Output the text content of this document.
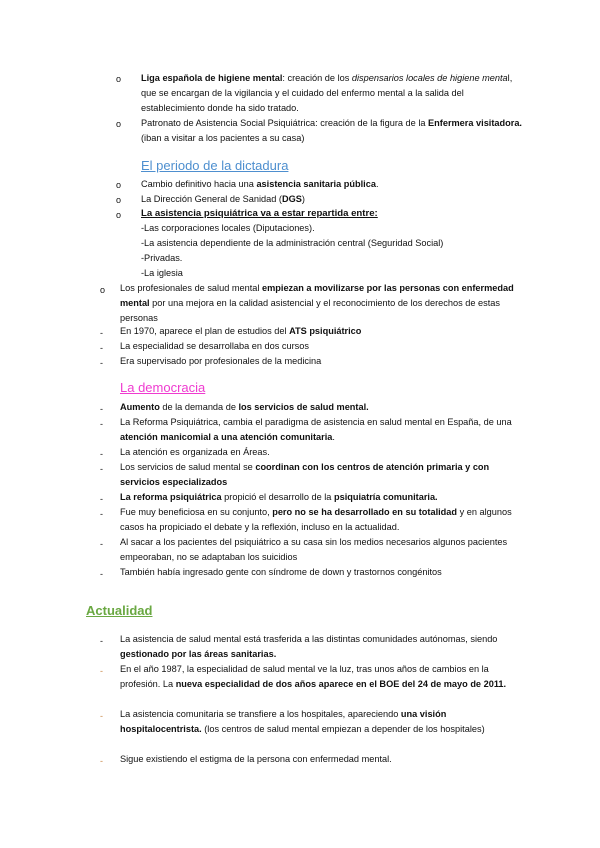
o Liga española de higiene mental: creación de los dispensarios locales de higiene mental, que se encargan de la vigilancia y el cuidado del enfermo mental a la salida del establecimiento donde ha sido tratado.
o Patronato de Asistencia Social Psiquiátrica: creación de la figura de la Enfermera visitadora. (iban a visitar a los pacientes a su casa)
El periodo de la dictadura
o Cambio definitivo hacia una asistencia sanitaria pública.
o La Dirección General de Sanidad (DGS)
o La asistencia psiquiátrica va a estar repartida entre:
-Las corporaciones locales (Diputaciones).
-La asistencia dependiente de la administración central (Seguridad Social)
-Privadas.
-La iglesia
o Los profesionales de salud mental empiezan a movilizarse por las personas con enfermedad mental por una mejora en la calidad asistencial y el reconocimiento de los derechos de estas personas
- En 1970, aparece el plan de estudios del ATS psiquiátrico
- La especialidad se desarrollaba en dos cursos
- Era supervisado por profesionales de la medicina
La democracia
- Aumento de la demanda de los servicios de salud mental.
- La Reforma Psiquiátrica, cambia el paradigma de asistencia en salud mental en España, de una atención manicomial a una atención comunitaria.
- La atención es organizada en Áreas.
- Los servicios de salud mental se coordinan con los centros de atención primaria y con servicios especializados
- La reforma psiquiátrica propició el desarrollo de la psiquiatría comunitaria.
- Fue muy beneficiosa en su conjunto, pero no se ha desarrollado en su totalidad y en algunos casos ha propiciado el debate y la reflexión, incluso en la actualidad.
- Al sacar a los pacientes del psiquiátrico a su casa sin los medios necesarios algunos pacientes empeoraban, no se adaptaban los suicidios
- También había ingresado gente con síndrome de down y trastornos congénitos
Actualidad
- La asistencia de salud mental está trasferida a las distintas comunidades autónomas, siendo gestionado por las áreas sanitarias.
- En el año 1987, la especialidad de salud mental ve la luz, tras unos años de cambios en la profesión. La nueva especialidad de dos años aparece en el BOE del 24 de mayo de 2011.
- La asistencia comunitaria se transfiere a los hospitales, apareciendo una visión hospitalocentrista. (los centros de salud mental empiezan a depender de los hospitales)
- Sigue existiendo el estigma de la persona con enfermedad mental.
